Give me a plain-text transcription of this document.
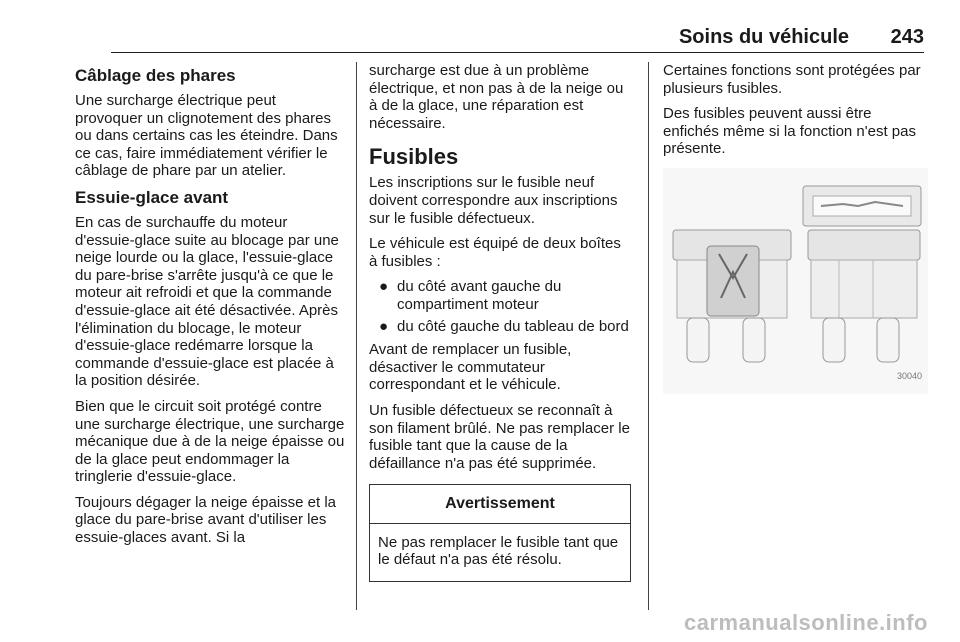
Soins du véhicule 243
Câblage des phares

Une surcharge électrique peut provoquer un clignotement des phares ou dans certains cas les éteindre. Dans ce cas, faire immédiatement vérifier le câblage de phare par un atelier.

Essuie-glace avant

En cas de surchauffe du moteur d'essuie-glace suite au blocage par une neige lourde ou la glace, l'essuie-glace du pare-brise s'arrête jusqu'à ce que le moteur ait refroidi et que la commande d'essuie-glace ait été désactivée. Après l'élimination du blocage, le moteur d'essuie-glace redémarre lorsque la commande d'essuie-glace est placée à la position désirée.

Bien que le circuit soit protégé contre une surcharge électrique, une surcharge mécanique due à de la neige épaisse ou de la glace peut endommager la tringlerie d'essuie-glace.

Toujours dégager la neige épaisse et la glace du pare-brise avant d'utiliser les essuie-glaces avant. Si la

surcharge est due à un problème électrique, et non pas à de la neige ou à de la glace, une réparation est nécessaire.

Fusibles

Les inscriptions sur le fusible neuf doivent correspondre aux inscriptions sur le fusible défectueux.

Le véhicule est équipé de deux boîtes à fusibles :

● du côté avant gauche du compartiment moteur
● du côté gauche du tableau de bord

Avant de remplacer un fusible, désactiver le commutateur correspondant et le véhicule.

Un fusible défectueux se reconnaît à son filament brûlé. Ne pas remplacer le fusible tant que la cause de la défaillance n'a pas été supprimée.

Avertissement
Ne pas remplacer le fusible tant que le défaut n'a pas été résolu.

Certaines fonctions sont protégées par plusieurs fusibles.

Des fusibles peuvent aussi être enfichés même si la fonction n'est pas présente.

30040
carmanualsonline.info
